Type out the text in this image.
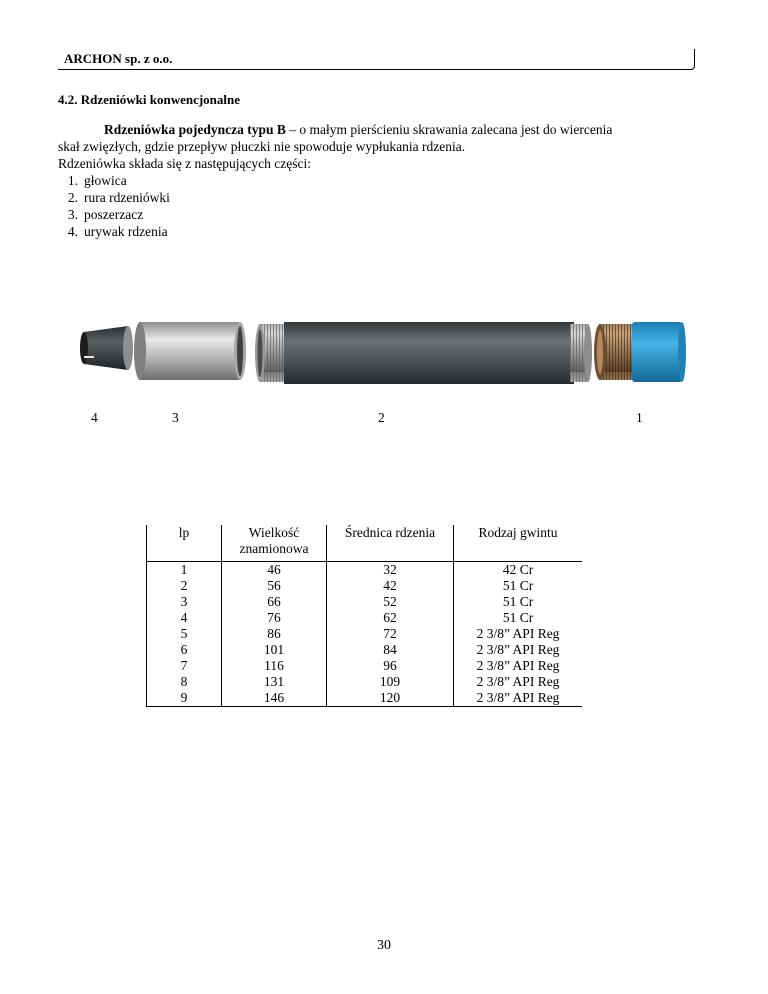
ARCHON sp. z o.o.
4.2. Rdzeniówki konwencjonalne

Rdzeniówka pojedyncza typu B – o małym pierścieniu skrawania zalecana jest do wiercenia

skał zwięzłych, gdzie przepływ płuczki nie spowoduje wypłukania rdzenia.

Rdzeniówka składa się z następujących części:

1. głowica
2. rura rdzeniówki
3. poszerzacz
4. urywak rdzenia
4	3	2	1
lp	Wielkość znamionowa	Średnica rdzenia	Rodzaj gwintu
1	46	32	42 Cr
2	56	42	51 Cr
3	66	52	51 Cr
4	76	62	51 Cr
5	86	72	2 3/8” API Reg
6	101	84	2 3/8” API Reg
7	116	96	2 3/8” API Reg
8	131	109	2 3/8” API Reg
9	146	120	2 3/8” API Reg
30
